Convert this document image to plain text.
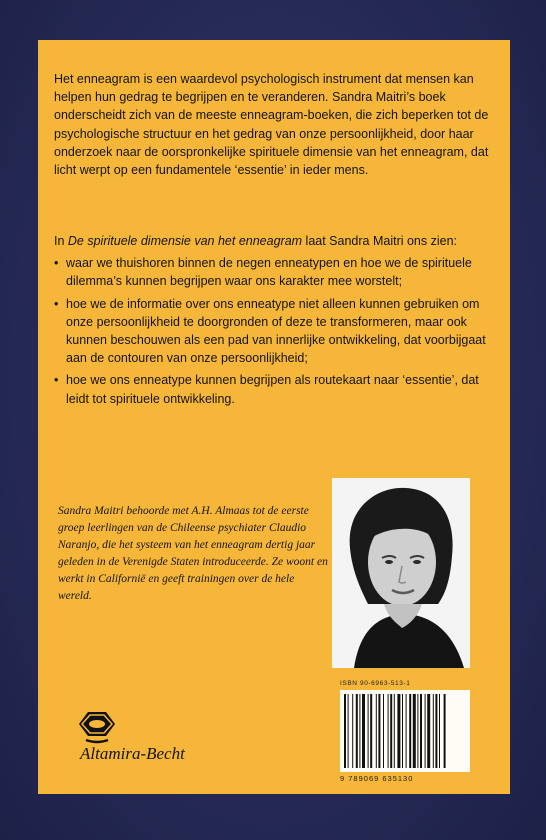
Het enneagram is een waardevol psychologisch instrument dat mensen kan helpen hun gedrag te begrijpen en te veranderen. Sandra Maitri’s boek onderscheidt zich van de meeste enneagram-boeken, die zich beperken tot de psychologische structuur en het gedrag van onze persoonlijkheid, door haar onderzoek naar de oorspronkelijke spirituele dimensie van het enneagram, dat licht werpt op een fundamentele ‘essentie’ in ieder mens.

In De spirituele dimensie van het enneagram laat Sandra Maitri ons zien:

• waar we thuishoren binnen de negen enneatypen en hoe we de spirituele dilemma’s kunnen begrijpen waar ons karakter mee worstelt;
• hoe we de informatie over ons enneatype niet alleen kunnen gebruiken om onze persoonlijkheid te doorgronden of deze te transformeren, maar ook kunnen beschouwen als een pad van innerlijke ontwikkeling, dat voorbijgaat aan de contouren van onze persoonlijkheid;
• hoe we ons enneatype kunnen begrijpen als routekaart naar ‘essentie’, dat leidt tot spirituele ontwikkeling.
Sandra Maitri behoorde met A.H. Almaas tot de eerste groep leerlingen van de Chileense psychiater Claudio Naranjo, die het systeem van het enneagram dertig jaar geleden in de Verenigde Staten introduceerde. Ze woont en werkt in Californië en geeft trainingen over de hele wereld.
ISBN 90-6963-513-1
9 789069 635130
Altamira-Becht
